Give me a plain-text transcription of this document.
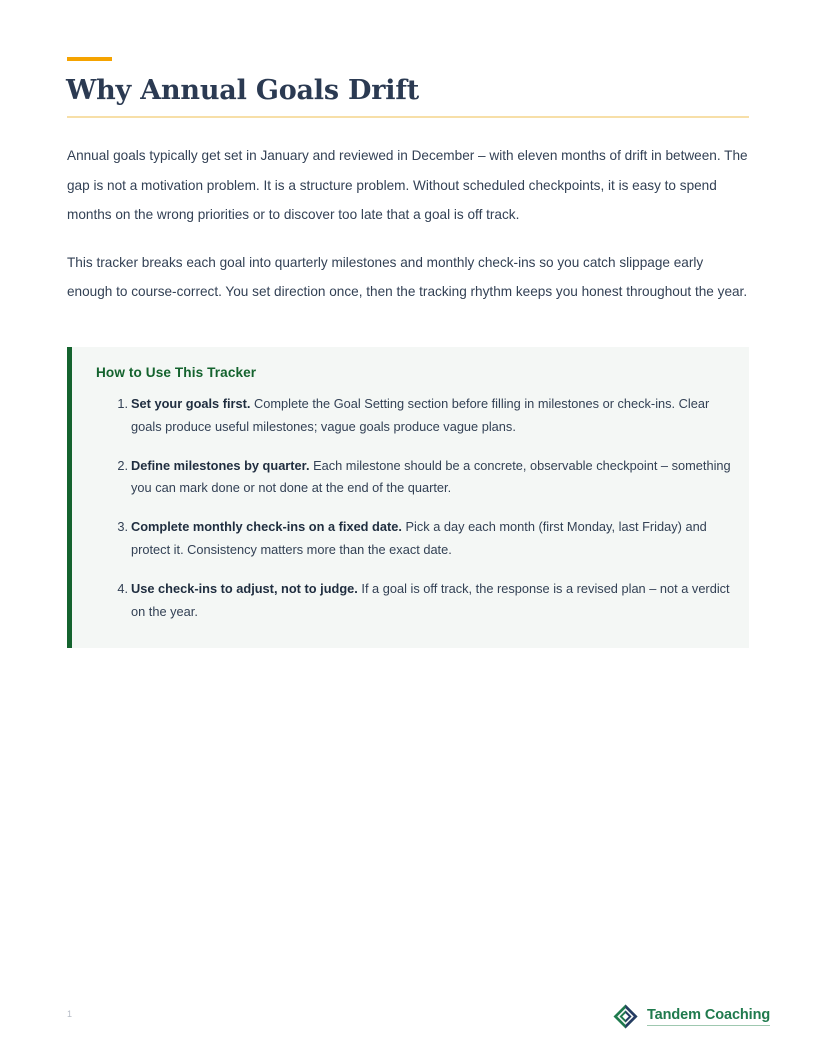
Why Annual Goals Drift

Annual goals typically get set in January and reviewed in December – with eleven months of drift in between. The gap is not a motivation problem. It is a structure problem. Without scheduled checkpoints, it is easy to spend months on the wrong priorities or to discover too late that a goal is off track.

This tracker breaks each goal into quarterly milestones and monthly check-ins so you catch slippage early enough to course-correct. You set direction once, then the tracking rhythm keeps you honest throughout the year.

How to Use This Tracker
Set your goals first. Complete the Goal Setting section before filling in milestones or check-ins. Clear goals produce useful milestones; vague goals produce vague plans.
Define milestones by quarter. Each milestone should be a concrete, observable checkpoint – something you can mark done or not done at the end of the quarter.
Complete monthly check-ins on a fixed date. Pick a day each month (first Monday, last Friday) and protect it. Consistency matters more than the exact date.
Use check-ins to adjust, not to judge. If a goal is off track, the response is a revised plan – not a verdict on the year.
1	Tandem Coaching
